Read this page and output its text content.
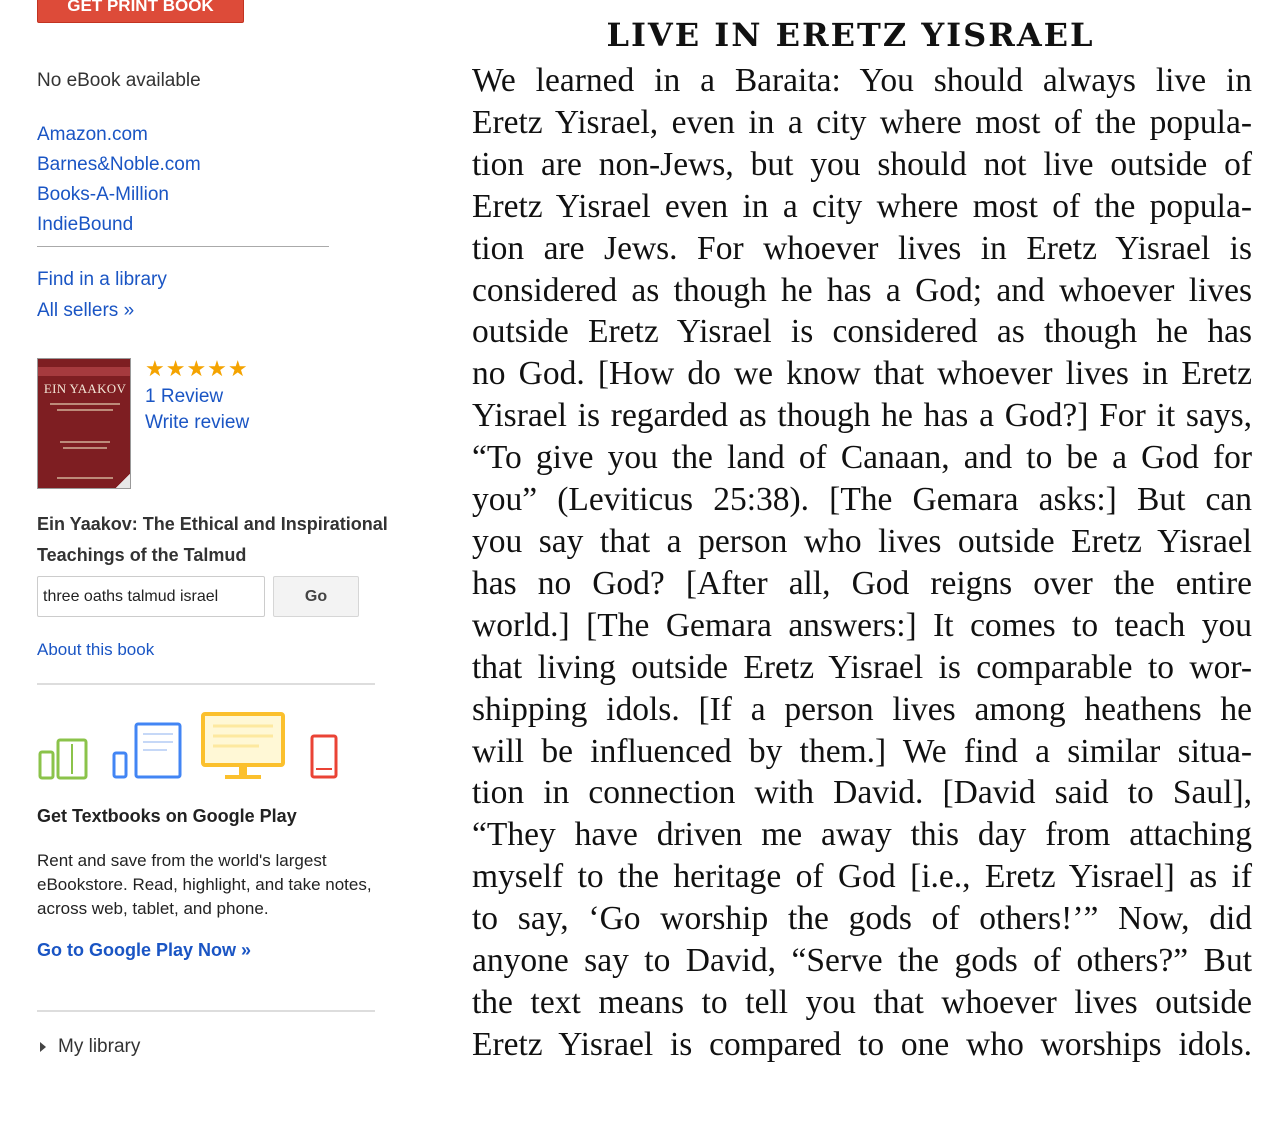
GET PRINT BOOK
No eBook available
Amazon.com
Barnes&Noble.com
Books-A-Million
IndieBound
Find in a library
All sellers »
EIN YAAKOV
★★★★★
1 Review
Write review
Ein Yaakov: The Ethical and Inspirational Teachings of the Talmud
three oaths talmud israel
Go
About this book
Get Textbooks on Google Play
Rent and save from the world's largest eBookstore. Read, highlight, and take notes, across web, tablet, and phone.
Go to Google Play Now »
My library
LIVE IN ERETZ YISRAEL
We learned in a Baraita: You should always live in
Eretz Yisrael, even in a city where most of the popula-
tion are non-Jews, but you should not live outside of
Eretz Yisrael even in a city where most of the popula-
tion are Jews. For whoever lives in Eretz Yisrael is
considered as though he has a God; and whoever lives
outside Eretz Yisrael is considered as though he has
no God. [How do we know that whoever lives in Eretz
Yisrael is regarded as though he has a God?] For it says,
“To give you the land of Canaan, and to be a God for
you” (Leviticus 25:38). [The Gemara asks:] But can
you say that a person who lives outside Eretz Yisrael
has no God? [After all, God reigns over the entire
world.] [The Gemara answers:] It comes to teach you
that living outside Eretz Yisrael is comparable to wor-
shipping idols. [If a person lives among heathens he
will be influenced by them.] We find a similar situa-
tion in connection with David. [David said to Saul],
“They have driven me away this day from attaching
myself to the heritage of God [i.e., Eretz Yisrael] as if
to say, ‘Go worship the gods of others!’” Now, did
anyone say to David, “Serve the gods of others?” But
the text means to tell you that whoever lives outside
Eretz Yisrael is compared to one who worships idols.
